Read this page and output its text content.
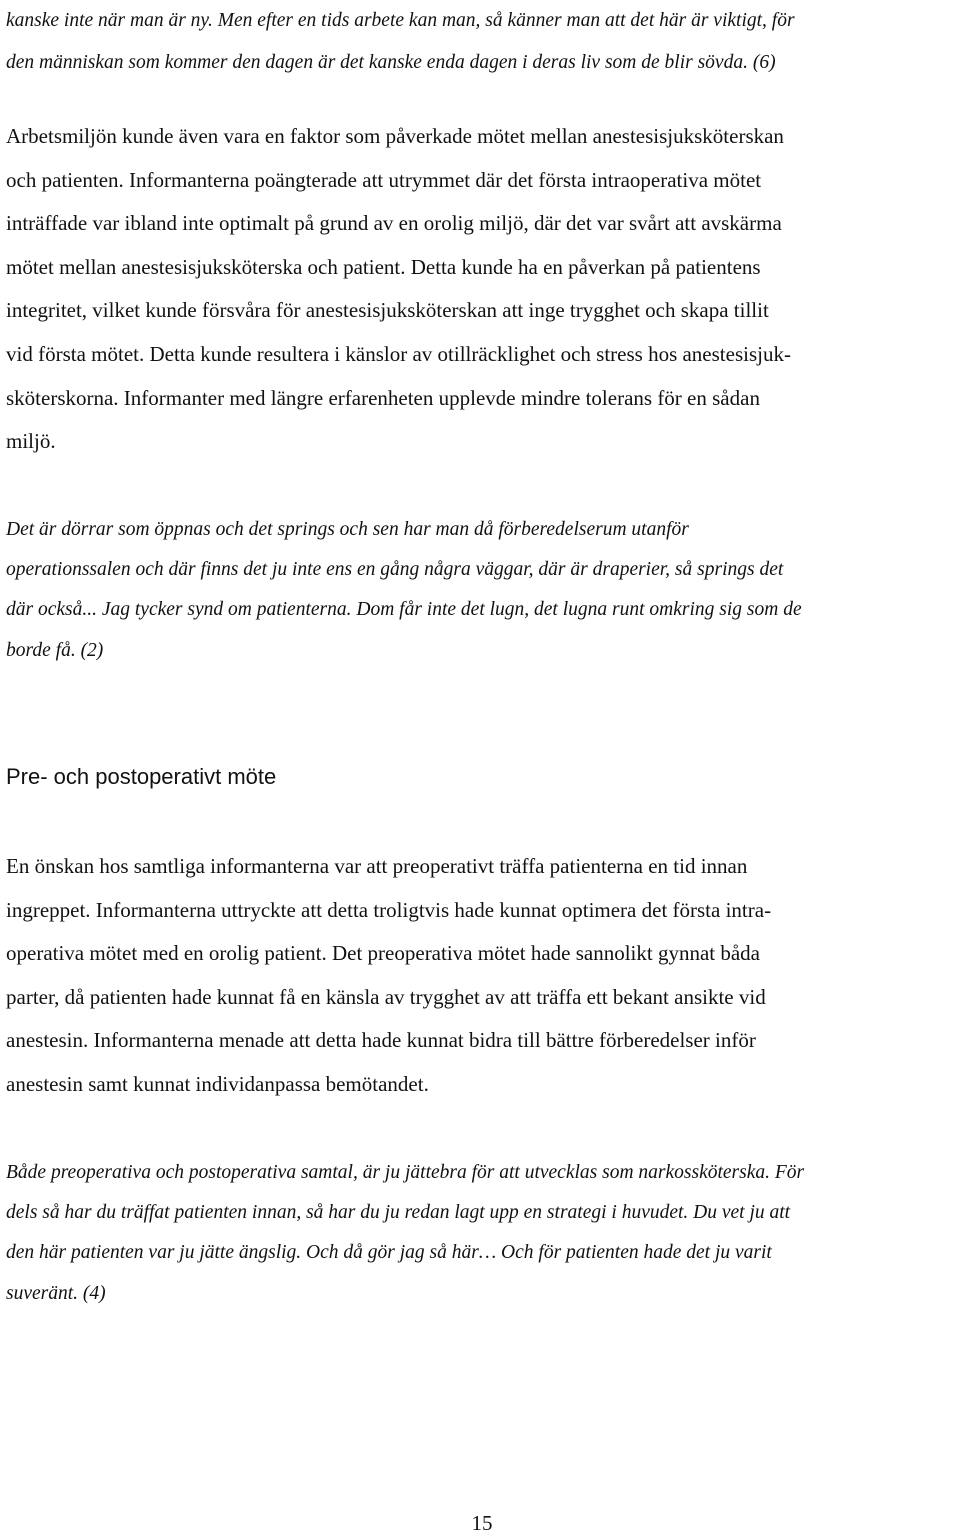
kanske inte när man är ny. Men efter en tids arbete kan man, så känner man att det här är viktigt, för
den människan som kommer den dagen är det kanske enda dagen i deras liv som de blir sövda. (6)
Arbetsmiljön kunde även vara en faktor som påverkade mötet mellan anestesisjuksköterskan
och patienten. Informanterna poängterade att utrymmet där det första intraoperativa mötet
inträffade var ibland inte optimalt på grund av en orolig miljö, där det var svårt att avskärma
mötet mellan anestesisjuksköterska och patient. Detta kunde ha en påverkan på patientens
integritet, vilket kunde försvåra för anestesisjuksköterskan att inge trygghet och skapa tillit
vid första mötet. Detta kunde resultera i känslor av otillräcklighet och stress hos anestesisjuk-
sköterskorna. Informanter med längre erfarenheten upplevde mindre tolerans för en sådan
miljö.
Det är dörrar som öppnas och det springs och sen har man då förberedelserum utanför
operationssalen och där finns det ju inte ens en gång några väggar, där är draperier, så springs det
där också... Jag tycker synd om patienterna. Dom får inte det lugn, det lugna runt omkring sig som de
borde få. (2)
Pre- och postoperativt möte
En önskan hos samtliga informanterna var att preoperativt träffa patienterna en tid innan
ingreppet. Informanterna uttryckte att detta troligtvis hade kunnat optimera det första intra-
operativa mötet med en orolig patient. Det preoperativa mötet hade sannolikt gynnat båda
parter, då patienten hade kunnat få en känsla av trygghet av att träffa ett bekant ansikte vid
anestesin. Informanterna menade att detta hade kunnat bidra till bättre förberedelser inför
anestesin samt kunnat individanpassa bemötandet.
Både preoperativa och postoperativa samtal, är ju jättebra för att utvecklas som narkossköterska. För
dels så har du träffat patienten innan, så har du ju redan lagt upp en strategi i huvudet. Du vet ju att
den här patienten var ju jätte ängslig. Och då gör jag så här… Och för patienten hade det ju varit
suveränt. (4)
15
